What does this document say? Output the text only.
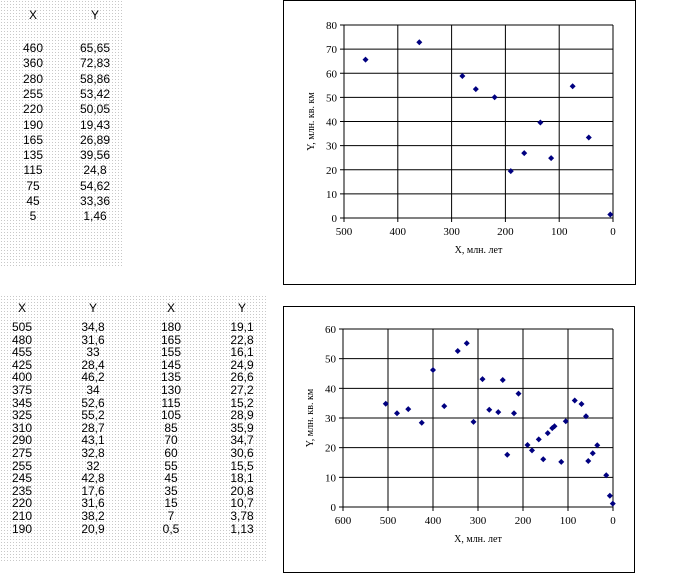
X	Y
460	65,65
360	72,83
280	58,86
255	53,42
220	50,05
190	19,43
165	26,89
135	39,56
115	24,8
75	54,62
45	33,36
5	1,46
X	Y	X	Y
505	34,8	180	19,1
480	31,6	165	22,8
455	33	155	16,1
425	28,4	145	24,9
400	46,2	135	26,6
375	34	130	27,2
345	52,6	115	15,2
325	55,2	105	28,9
310	28,7	85	35,9
290	43,1	70	34,7
275	32,8	60	30,6
255	32	55	15,5
245	42,8	45	18,1
235	17,6	35	20,8
220	31,6	15	10,7
210	38,2	7	3,78
190	20,9	0,5	1,13
0
10
20
30
40
50
60
70
80
500	400	300	200	100	0
X, млн. лет
Y, млн. кв. км
0
10
20
30
40
50
60
600	500	400	300	200	100	0
X, млн. лет
Y, млн. кв. км
